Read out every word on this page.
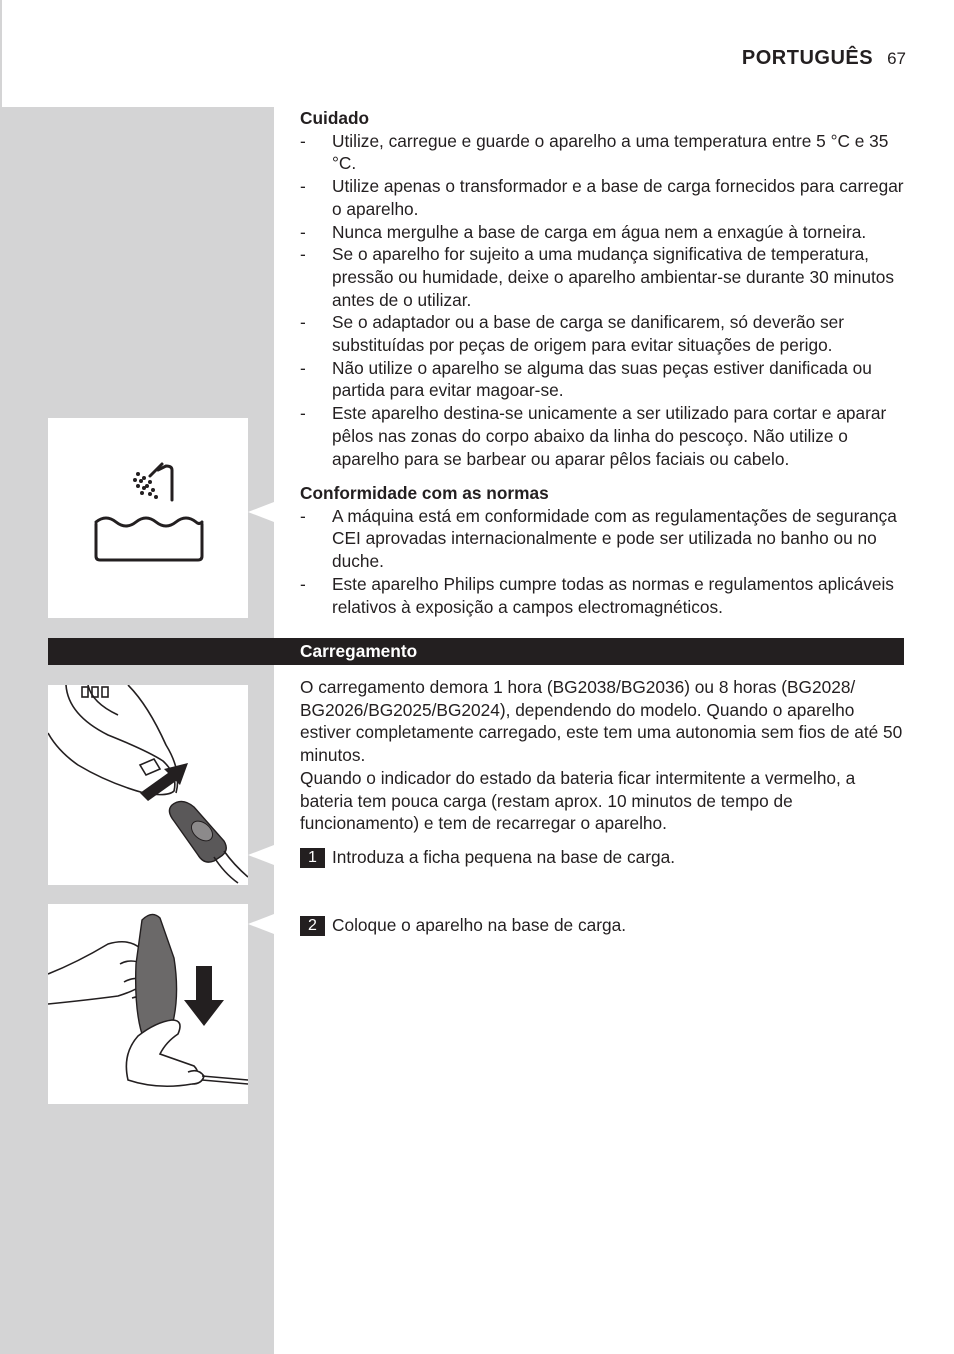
PORTUGUÊS 67

Cuidado

- Utilize, carregue e guarde o aparelho a uma temperatura entre 5 °C e 35 °C.
- Utilize apenas o transformador e a base de carga fornecidos para carregar o aparelho.
- Nunca mergulhe a base de carga em água nem a enxagúe à torneira.
- Se o aparelho for sujeito a uma mudança significativa de temperatura, pressão ou humidade, deixe o aparelho ambientar-se durante 30 minutos antes de o utilizar.
- Se o adaptador ou a base de carga se danificarem, só deverão ser substituídas por peças de origem para evitar situações de perigo.
- Não utilize o aparelho se alguma das suas peças estiver danificada ou partida para evitar magoar-se.
- Este aparelho destina-se unicamente a ser utilizado para cortar e aparar pêlos nas zonas do corpo abaixo da linha do pescoço. Não utilize o aparelho para se barbear ou aparar pêlos faciais ou cabelo.

Conformidade com as normas

- A máquina está em conformidade com as regulamentações de segurança CEI aprovadas internacionalmente e pode ser utilizada no banho ou no duche.
- Este aparelho Philips cumpre todas as normas e regulamentos aplicáveis relativos à exposição a campos electromagnéticos.
Carregamento

O carregamento demora 1 hora (BG2038/BG2036) ou 8 horas (BG2028/ BG2026/BG2025/BG2024), dependendo do modelo. Quando o aparelho estiver completamente carregado, este tem uma autonomia sem fios de até 50 minutos.

Quando o indicador do estado da bateria ficar intermitente a vermelho, a bateria tem pouca carga (restam aprox. 10 minutos de tempo de funcionamento) e tem de recarregar o aparelho.

1 Introduza a ficha pequena na base de carga.
2 Coloque o aparelho na base de carga.
